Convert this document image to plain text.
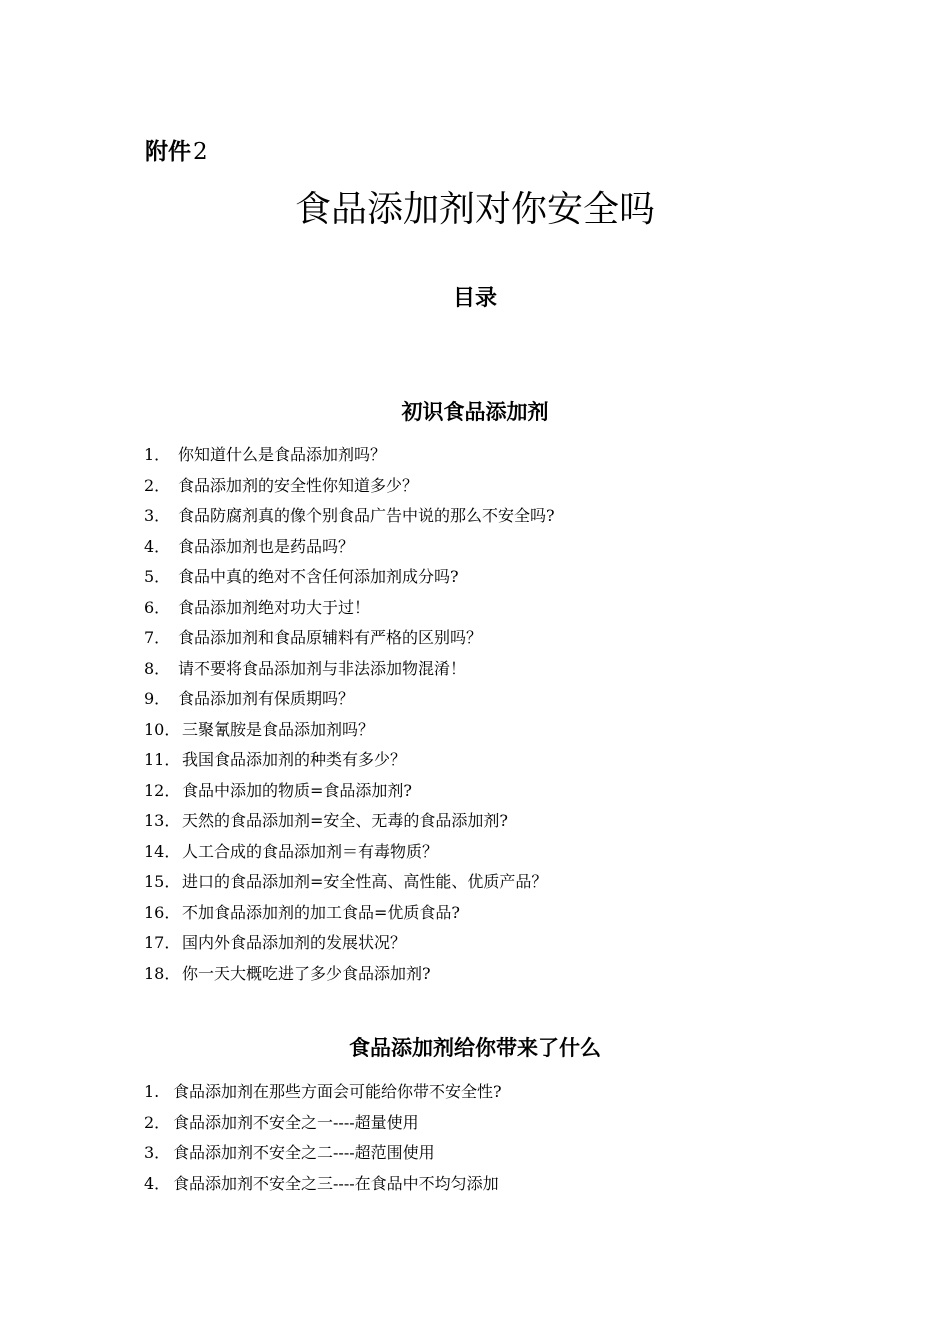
附件2
食品添加剂对你安全吗
目录
初识食品添加剂
1． 你知道什么是食品添加剂吗？
2． 食品添加剂的安全性你知道多少？
3． 食品防腐剂真的像个别食品广告中说的那么不安全吗?
4． 食品添加剂也是药品吗？
5． 食品中真的绝对不含任何添加剂成分吗?
6． 食品添加剂绝对功大于过！
7． 食品添加剂和食品原辅料有严格的区别吗？
8． 请不要将食品添加剂与非法添加物混淆！
9． 食品添加剂有保质期吗？
10． 三聚氰胺是食品添加剂吗？
11． 我国食品添加剂的种类有多少？
12． 食品中添加的物质=食品添加剂?
13． 天然的食品添加剂=安全、无毒的食品添加剂?
14． 人工合成的食品添加剂＝有毒物质？
15． 进口的食品添加剂=安全性高、高性能、优质产品？
16． 不加食品添加剂的加工食品=优质食品?
17． 国内外食品添加剂的发展状况？
18． 你一天大概吃进了多少食品添加剂?
食品添加剂给你带来了什么
1. 食品添加剂在那些方面会可能给你带不安全性?
2． 食品添加剂不安全之一----超量使用
3． 食品添加剂不安全之二----超范围使用
4． 食品添加剂不安全之三----在食品中不均匀添加
